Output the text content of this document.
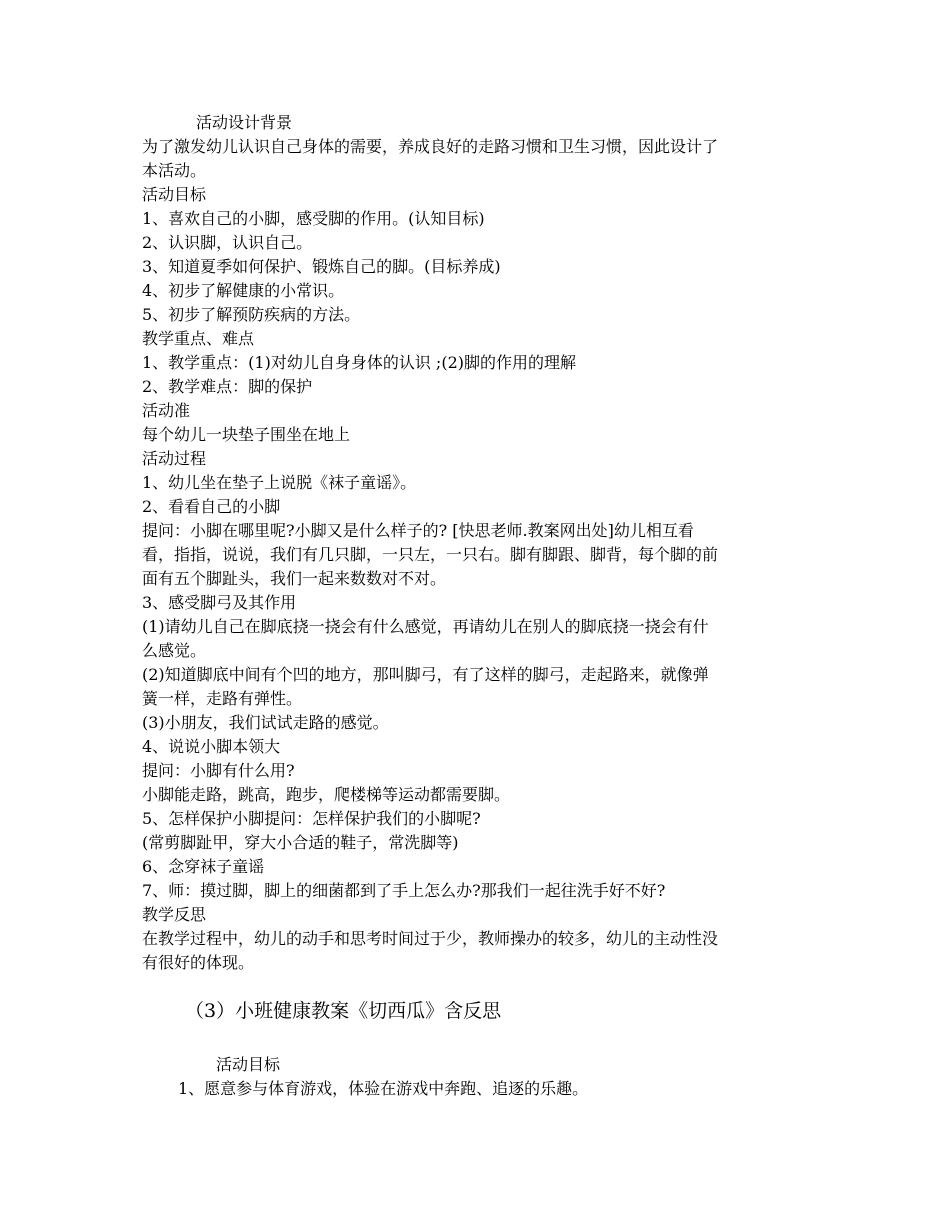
活动设计背景
为了激发幼儿认识自己身体的需要，养成良好的走路习惯和卫生习惯，因此设计了
本活动。
活动目标
1、喜欢自己的小脚，感受脚的作用。(认知目标)
2、认识脚，认识自己。
3、知道夏季如何保护、锻炼自己的脚。(目标养成)
4、初步了解健康的小常识。
5、初步了解预防疾病的方法。
教学重点、难点
1、教学重点：(1)对幼儿自身身体的认识 ;(2)脚的作用的理解
2、教学难点：脚的保护
活动准
每个幼儿一块垫子围坐在地上
活动过程
1、幼儿坐在垫子上说脱《袜子童谣》。
2、看看自己的小脚
提问：小脚在哪里呢?小脚又是什么样子的? [快思老师.教案网出处]幼儿相互看
看，指指，说说，我们有几只脚，一只左，一只右。脚有脚跟、脚背，每个脚的前
面有五个脚趾头，我们一起来数数对不对。
3、感受脚弓及其作用
(1)请幼儿自己在脚底挠一挠会有什么感觉，再请幼儿在别人的脚底挠一挠会有什
么感觉。
(2)知道脚底中间有个凹的地方，那叫脚弓，有了这样的脚弓，走起路来，就像弹
簧一样，走路有弹性。
(3)小朋友，我们试试走路的感觉。
4、说说小脚本领大
提问：小脚有什么用?
小脚能走路，跳高，跑步，爬楼梯等运动都需要脚。
5、怎样保护小脚提问：怎样保护我们的小脚呢?
(常剪脚趾甲，穿大小合适的鞋子，常洗脚等)
6、念穿袜子童谣
7、师：摸过脚，脚上的细菌都到了手上怎么办?那我们一起往洗手好不好?
教学反思
在教学过程中，幼儿的动手和思考时间过于少，教师操办的较多，幼儿的主动性没
有很好的体现。
（3）小班健康教案《切西瓜》含反思
活动目标
1、愿意参与体育游戏，体验在游戏中奔跑、追逐的乐趣。
